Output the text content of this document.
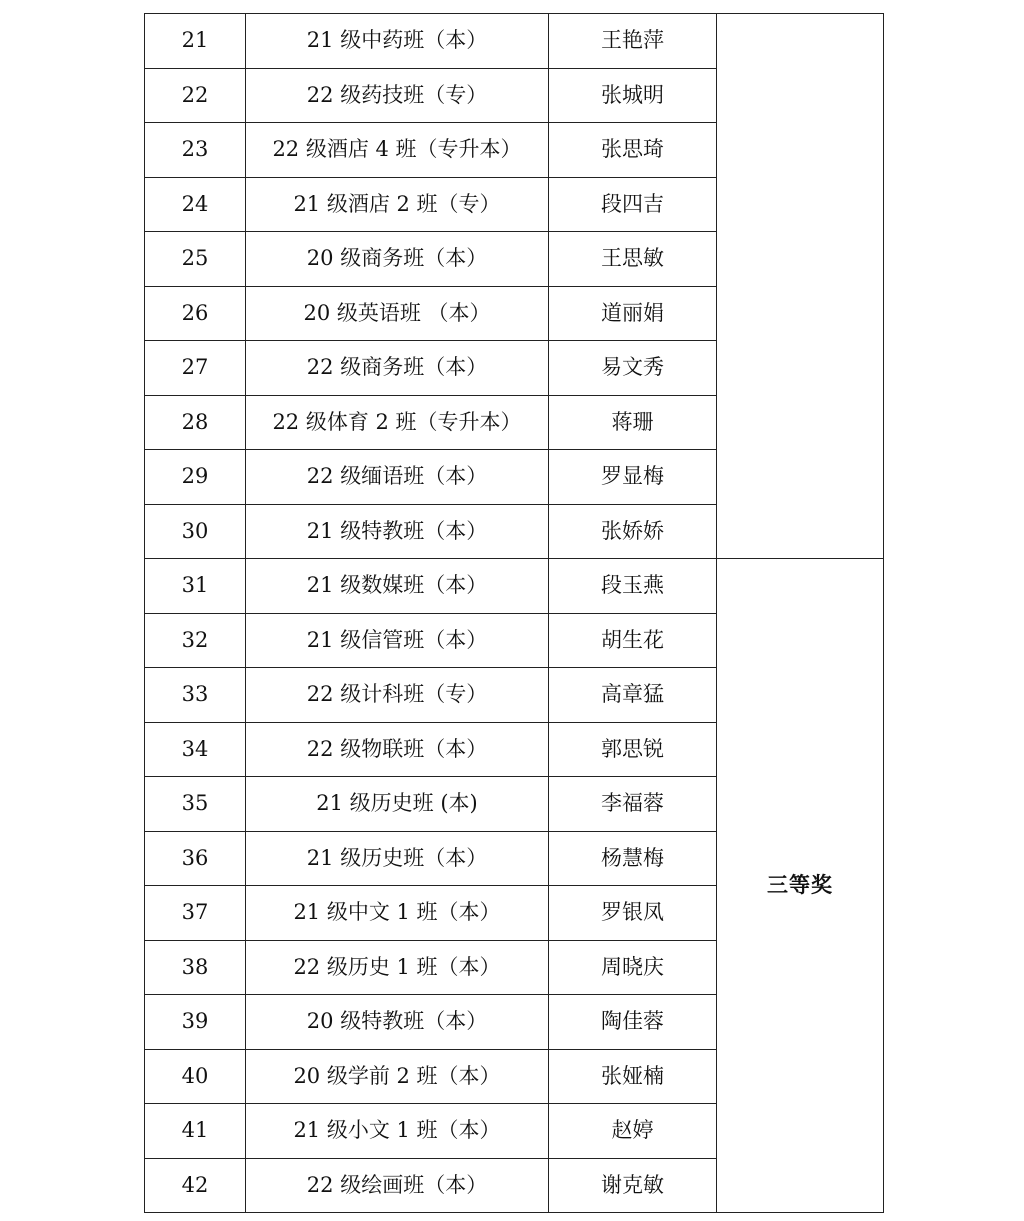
21	21 级中药班（本）	王艳萍	
22	22 级药技班（专）	张城明	
23	22 级酒店 4 班（专升本）	张思琦	
24	21 级酒店 2 班（专）	段四吉	
25	20 级商务班（本）	王思敏	
26	20 级英语班 （本）	道丽娟	
27	22 级商务班（本）	易文秀	
28	22 级体育 2 班（专升本）	蒋珊	
29	22 级缅语班（本）	罗显梅	
30	21 级特教班（本）	张娇娇	
31	21 级数媒班（本）	段玉燕	三等奖
32	21 级信管班（本）	胡生花	
33	22 级计科班（专）	高章猛	
34	22 级物联班（本）	郭思锐	
35	21 级历史班 (本)	李福蓉	
36	21 级历史班（本）	杨慧梅	
37	21 级中文 1 班（本）	罗银凤	
38	22 级历史 1 班（本）	周晓庆	
39	20 级特教班（本）	陶佳蓉	
40	20 级学前 2 班（本）	张娅楠	
41	21 级小文 1 班（本）	赵婷	
42	22 级绘画班（本）	谢克敏	
